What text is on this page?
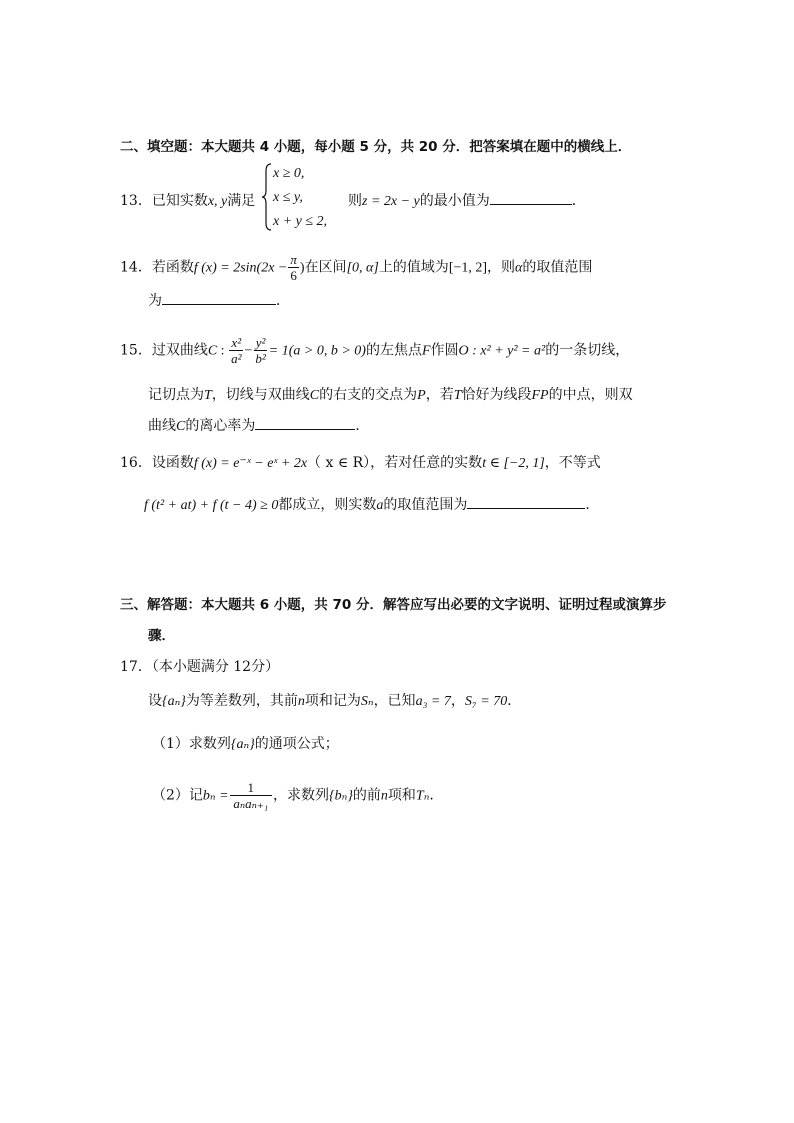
二、填空题：本大题共 4 小题，每小题 5 分，共 20 分．把答案填在题中的横线上．
13．已知实数x, y满足
x ≥ 0,
x ≤ y,
x + y ≤ 2,
则z = 2x − y的最小值为	．
14．若函数f $(x) = 2\sin(2x - \frac{\pi}{6}$ )在区间[0, α]上的值域为[−1, 2]，则α的取值范围
为	．
15．过双曲线C : $\frac{\text{x²}}{\text{a²}} - \frac{\text{y²}}{\text{b²}} = 1(a > 0$, b > 0)的左焦点F作圆O : x² + y² = a²的一条切线，
记切点为T，切线与双曲线C的右支的交点为P，若T恰好为线段FP的中点，则双
曲线C的离心率为	．
16．设函数f (x) = e⁻ˣ − eˣ + 2x（ x ∈ R），若对任意的实数t ∈ [−2, 1]，不等式
f (t² + at) + f (t − 4) ≥ 0都成立，则实数a的取值范围为	．
三、解答题：本大题共 6 小题，共 70 分．解答应写出必要的文字说明、证明过程或演算步
骤．
17．（本小题满分 12分）
设{aₙ}为等差数列，其前n项和记为Sₙ，已知a₃ = 7，S₇ = 70．
（1）求数列{aₙ}的通项公式；
（2）记$b_n = \frac{1}{\text{aₙaₙ₊₁}}$ ，求数列{bₙ}的前n项和Tₙ．
